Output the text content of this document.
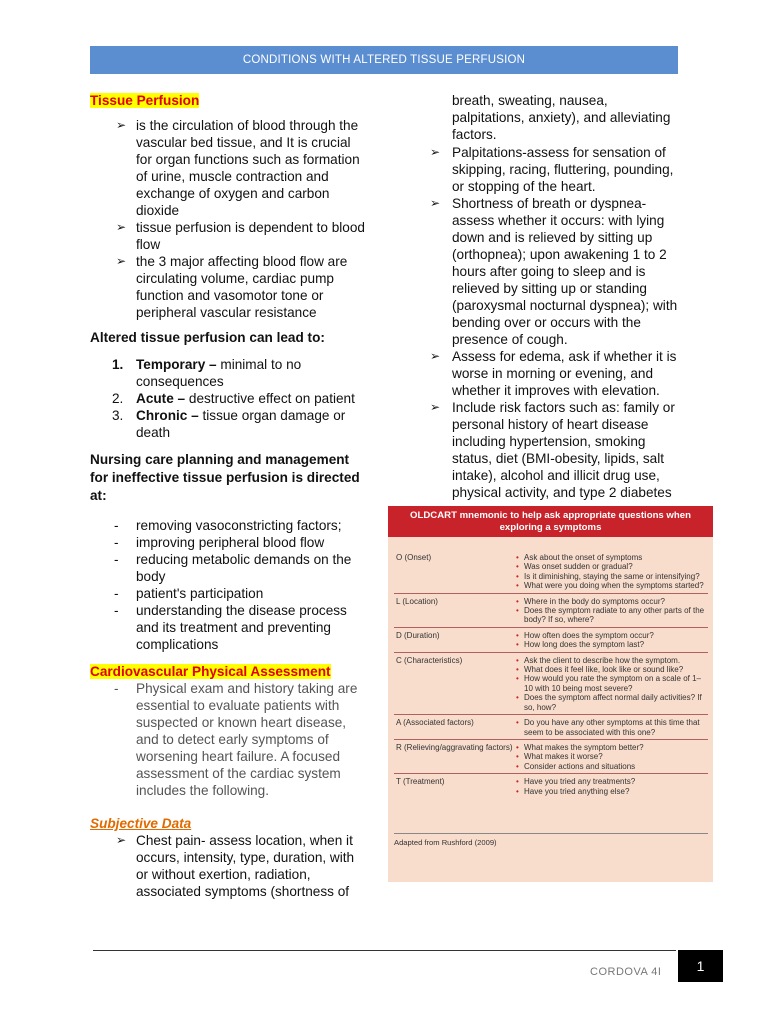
CONDITIONS WITH ALTERED TISSUE PERFUSION
Tissue Perfusion
➢ is the circulation of blood through the vascular bed tissue, and It is crucial for organ functions such as formation of urine, muscle contraction and exchange of oxygen and carbon dioxide
➢ tissue perfusion is dependent to blood flow
➢ the 3 major affecting blood flow are circulating volume, cardiac pump function and vasomotor tone or peripheral vascular resistance
Altered tissue perfusion can lead to:
1. Temporary – minimal to no consequences
2. Acute – destructive effect on patient
3. Chronic – tissue organ damage or death
Nursing care planning and management for ineffective tissue perfusion is directed at:
- removing vasoconstricting factors;
- improving peripheral blood flow
- reducing metabolic demands on the body
- patient's participation
- understanding the disease process and its treatment and preventing complications
Cardiovascular Physical Assessment
- Physical exam and history taking are essential to evaluate patients with suspected or known heart disease, and to detect early symptoms of worsening heart failure. A focused assessment of the cardiac system includes the following.
Subjective Data
➢ Chest pain- assess location, when it occurs, intensity, type, duration, with or without exertion, radiation, associated symptoms (shortness of
breath, sweating, nausea, palpitations, anxiety), and alleviating factors.
➢ Palpitations-assess for sensation of skipping, racing, fluttering, pounding, or stopping of the heart.
➢ Shortness of breath or dyspnea- assess whether it occurs: with lying down and is relieved by sitting up (orthopnea); upon awakening 1 to 2 hours after going to sleep and is relieved by sitting up or standing (paroxysmal nocturnal dyspnea); with bending over or occurs with the presence of cough.
➢ Assess for edema, ask if whether it is worse in morning or evening, and whether it improves with elevation.
➢ Include risk factors such as: family or personal history of heart disease including hypertension, smoking status, diet (BMI-obesity, lipids, salt intake), alcohol and illicit drug use, physical activity, and type 2 diabetes
OLDCART mnemonic to help ask appropriate questions when exploring a symptoms
O (Onset)	• Ask about the onset of symptoms
• Was onset sudden or gradual?
• Is it diminishing, staying the same or intensifying?
• What were you doing when the symptoms started?
L (Location)	• Where in the body do symptoms occur?
• Does the symptom radiate to any other parts of the body? If so, where?
D (Duration)	• How often does the symptom occur?
• How long does the symptom last?
C (Characteristics)	• Ask the client to describe how the symptom.
• What does it feel like, look like or sound like?
• How would you rate the symptom on a scale of 1–10 with 10 being most severe?
• Does the symptom affect normal daily activities? If so, how?
A (Associated factors)	• Do you have any other symptoms at this time that seem to be associated with this one?
R (Relieving/aggravating factors)	• What makes the symptom better?
• What makes it worse?
• Consider actions and situations
T (Treatment)	• Have you tried any treatments?
• Have you tried anything else?
Adapted from Rushford (2009)
CORDOVA 4I	1
